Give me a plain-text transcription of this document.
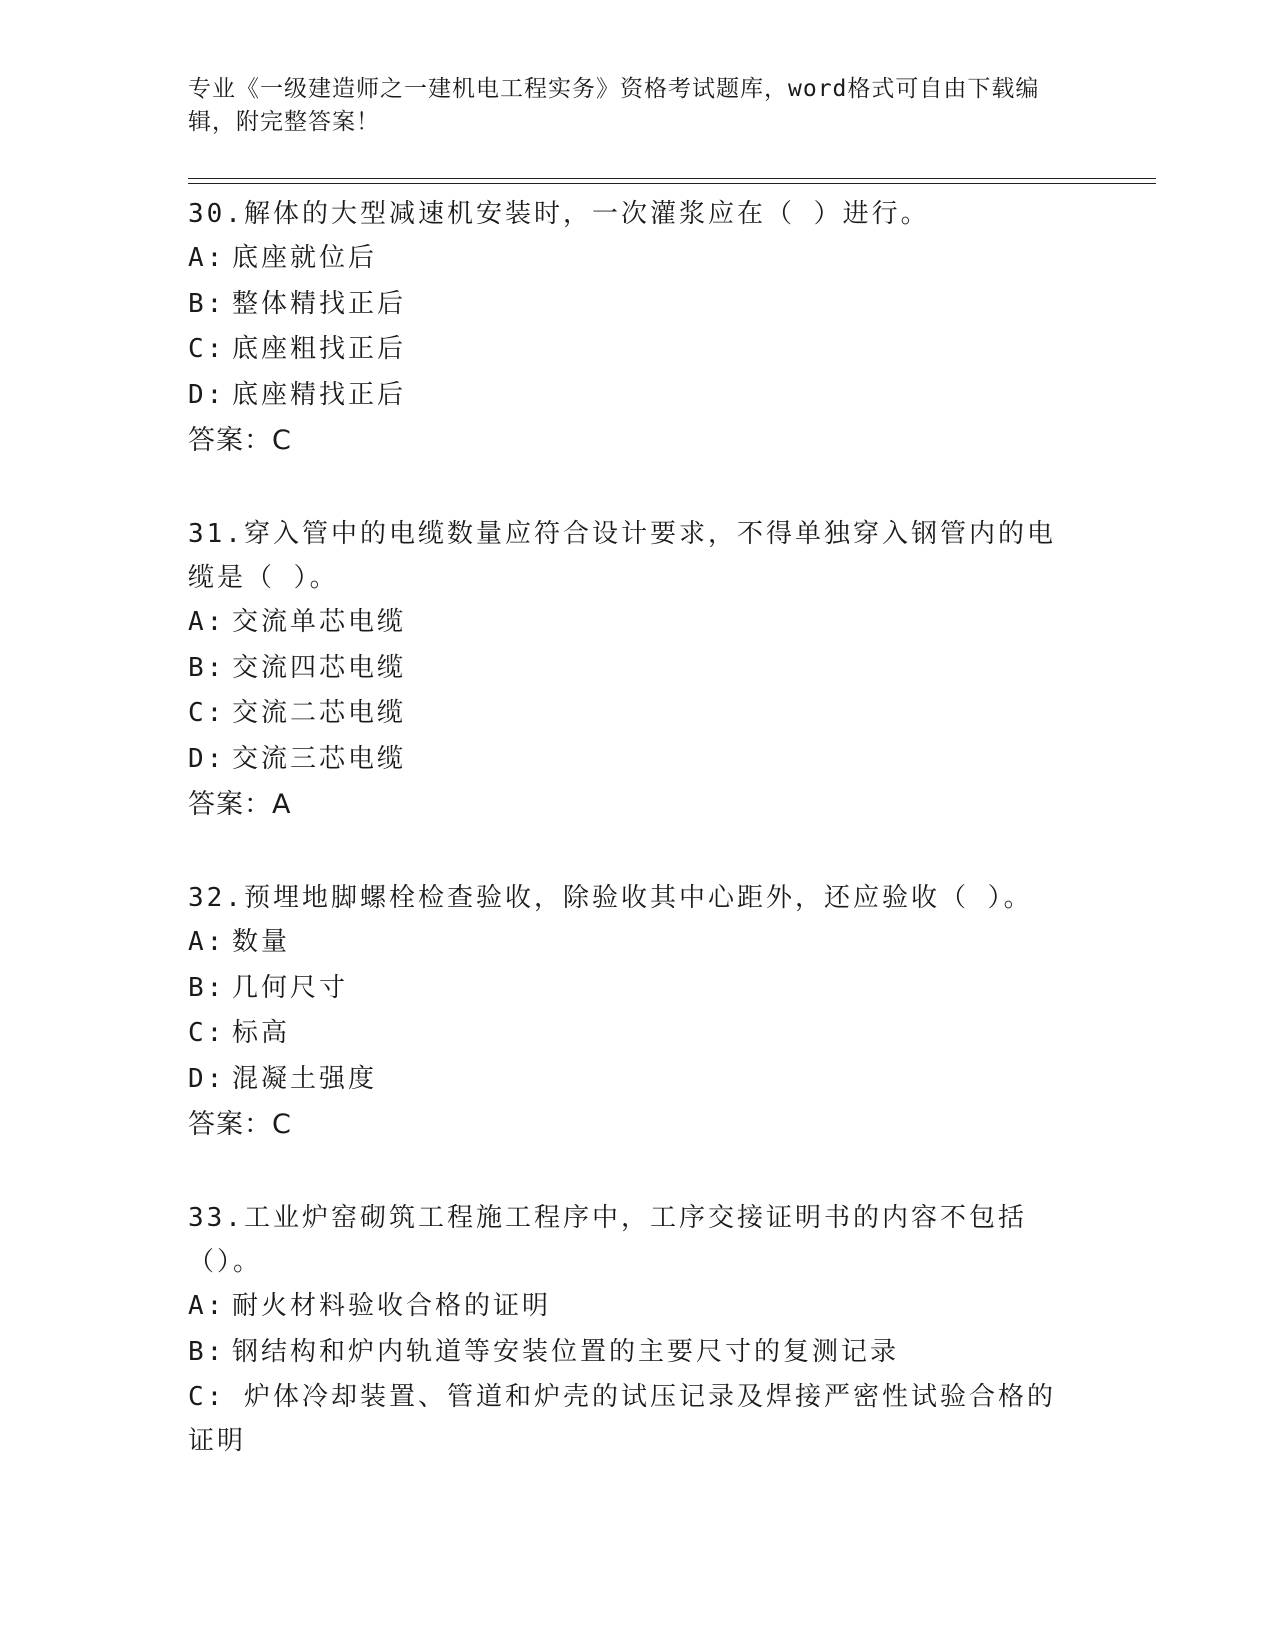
专业《一级建造师之一建机电工程实务》资格考试题库，word格式可自由下载编辑，附完整答案！
30.解体的大型减速机安装时，一次灌浆应在（ ）进行。
A: 底座就位后
B: 整体精找正后
C: 底座粗找正后
D: 底座精找正后
答案：C
31.穿入管中的电缆数量应符合设计要求，不得单独穿入钢管内的电缆是（ ）。
A: 交流单芯电缆
B: 交流四芯电缆
C: 交流二芯电缆
D: 交流三芯电缆
答案：A
32.预埋地脚螺栓检查验收，除验收其中心距外，还应验收（ ）。
A: 数量
B: 几何尺寸
C: 标高
D: 混凝土强度
答案：C
33.工业炉窑砌筑工程施工程序中，工序交接证明书的内容不包括（）。
A: 耐火材料验收合格的证明
B: 钢结构和炉内轨道等安装位置的主要尺寸的复测记录
C: 炉体冷却装置、管道和炉壳的试压记录及焊接严密性试验合格的证明
